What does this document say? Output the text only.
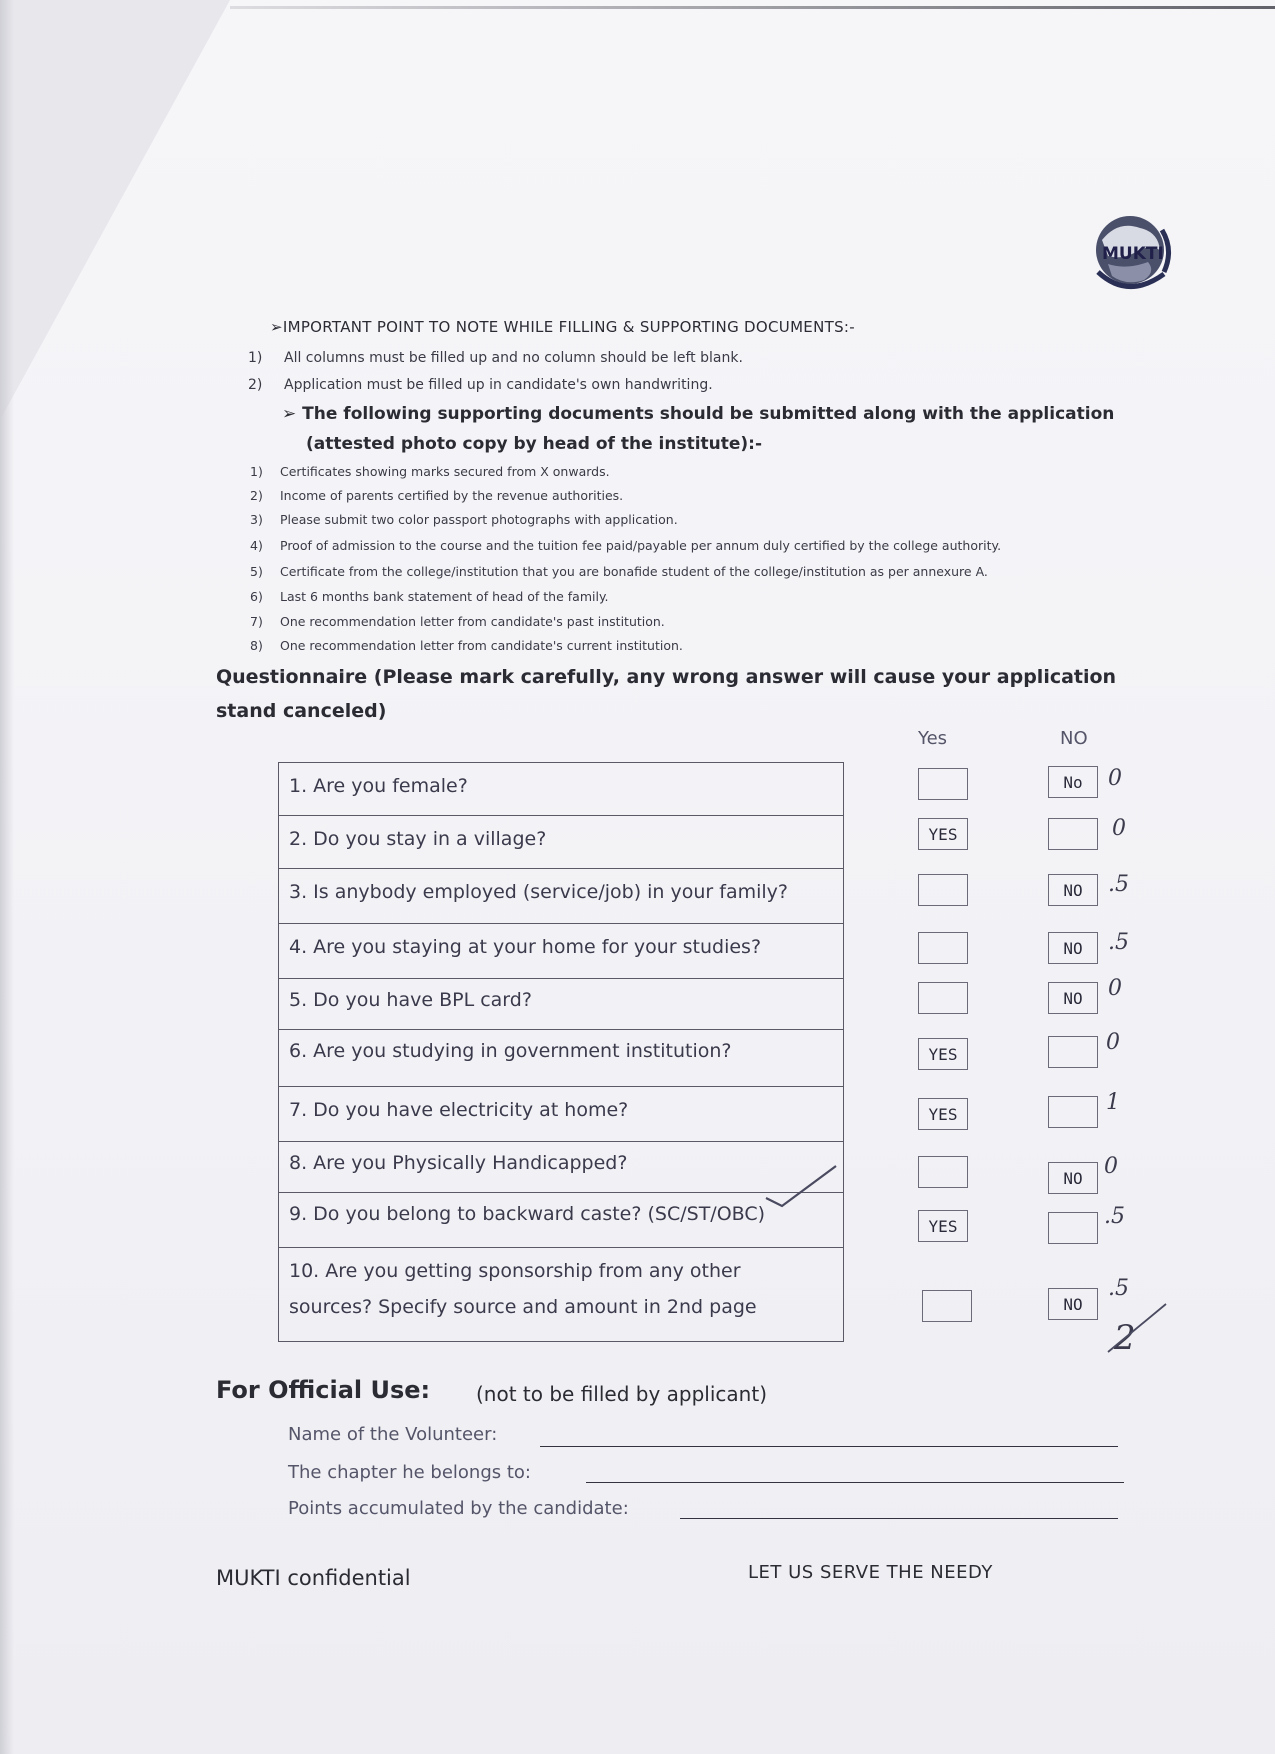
MUKTI
➢IMPORTANT POINT TO NOTE WHILE FILLING & SUPPORTING DOCUMENTS:-
1) All columns must be filled up and no column should be left blank.
2) Application must be filled up in candidate's own handwriting.
➢ The following supporting documents should be submitted along with the application
(attested photo copy by head of the institute):-
1) Certificates showing marks secured from X onwards.
2) Income of parents certified by the revenue authorities.
3) Please submit two color passport photographs with application.
4) Proof of admission to the course and the tuition fee paid/payable per annum duly certified by the college authority.
5) Certificate from the college/institution that you are bonafide student of the college/institution as per annexure A.
6) Last 6 months bank statement of head of the family.
7) One recommendation letter from candidate's past institution.
8) One recommendation letter from candidate's current institution.
Questionnaire (Please mark carefully, any wrong answer will cause your application stand canceled)
Yes	NO
1. Are you female?
2. Do you stay in a village?
3. Is anybody employed (service/job) in your family?
4. Are you staying at your home for your studies?
5. Do you have BPL card?
6. Are you studying in government institution?
7. Do you have electricity at home?
8. Are you Physically Handicapped?
9. Do you belong to backward caste? (SC/ST/OBC)
10. Are you getting sponsorship from any other
sources? Specify source and amount in 2nd page
YES
YES
YES
YES
No
NO
NO
NO
NO
NO
0
0
.5
.5
0
0
1
0
.5
.5
2
For Official Use: (not to be filled by applicant)
Name of the Volunteer:
The chapter he belongs to:
Points accumulated by the candidate:
MUKTI confidential	LET US SERVE THE NEEDY
